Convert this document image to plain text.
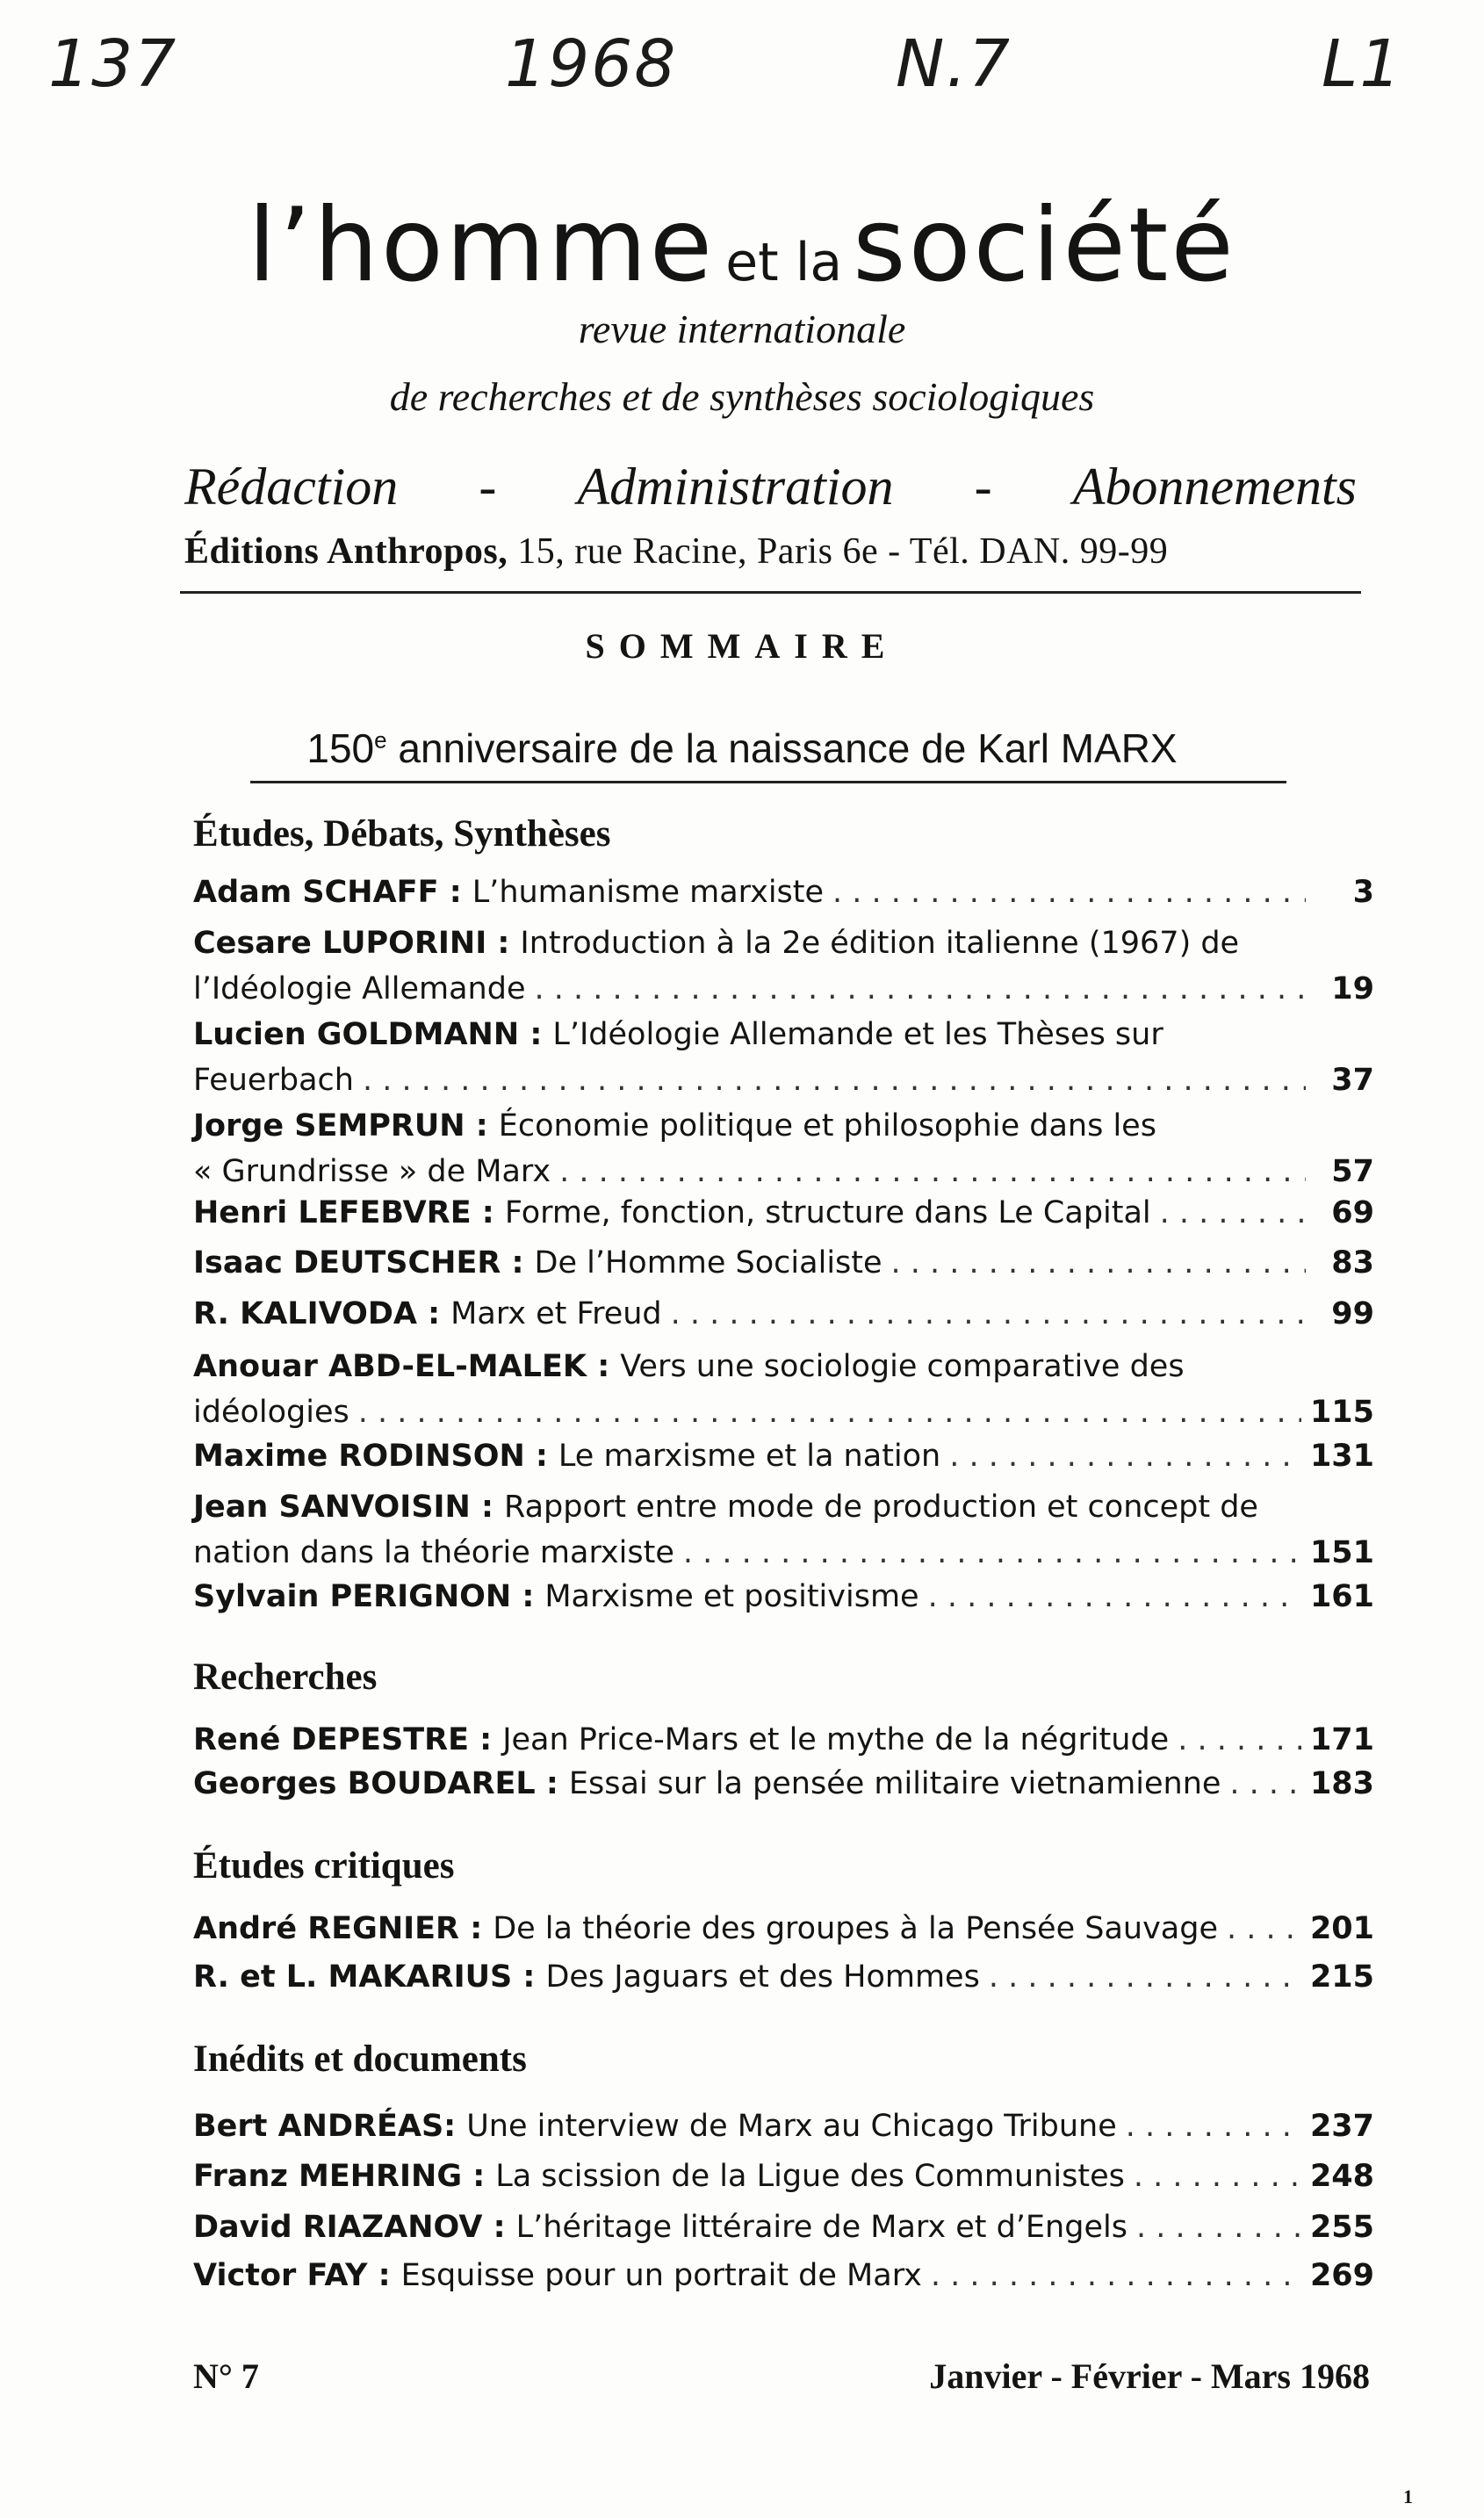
137	1968	N.7	L1
l’homme et la société
revue internationale
de recherches et de synthèses sociologiques
Rédaction - Administration - Abonnements
Éditions Anthropos, 15, rue Racine, Paris 6e - Tél. DAN. 99-99
SOMMAIRE
150e anniversaire de la naissance de Karl MARX
Études, Débats, Synthèses
Adam SCHAFF : L’humanisme marxiste . . .	3
Cesare LUPORINI : Introduction à la 2e édition italienne (1967) de
l’Idéologie Allemande . . .	19
Lucien GOLDMANN : L’Idéologie Allemande et les Thèses sur
Feuerbach . . .	37
Jorge SEMPRUN : Économie politique et philosophie dans les
« Grundrisse » de Marx . . .	57
Henri LEFEBVRE : Forme, fonction, structure dans Le Capital . . .	69
Isaac DEUTSCHER : De l’Homme Socialiste . . .	83
R. KALIVODA : Marx et Freud . . .	99
Anouar ABD-EL-MALEK : Vers une sociologie comparative des
idéologies . . .	115
Maxime RODINSON : Le marxisme et la nation . . .	131
Jean SANVOISIN : Rapport entre mode de production et concept de
nation dans la théorie marxiste . . .	151
Sylvain PERIGNON : Marxisme et positivisme . . .	161
Recherches
René DEPESTRE : Jean Price-Mars et le mythe de la négritude . . .	171
Georges BOUDAREL : Essai sur la pensée militaire vietnamienne . . .	183
Études critiques
André REGNIER : De la théorie des groupes à la Pensée Sauvage . . .	201
R. et L. MAKARIUS : Des Jaguars et des Hommes . . .	215
Inédits et documents
Bert ANDRÉAS: Une interview de Marx au Chicago Tribune . . .	237
Franz MEHRING : La scission de la Ligue des Communistes . . .	248
David RIAZANOV : L’héritage littéraire de Marx et d’Engels . . .	255
Victor FAY : Esquisse pour un portrait de Marx . . .	269
N° 7	Janvier - Février - Mars 1968
1
